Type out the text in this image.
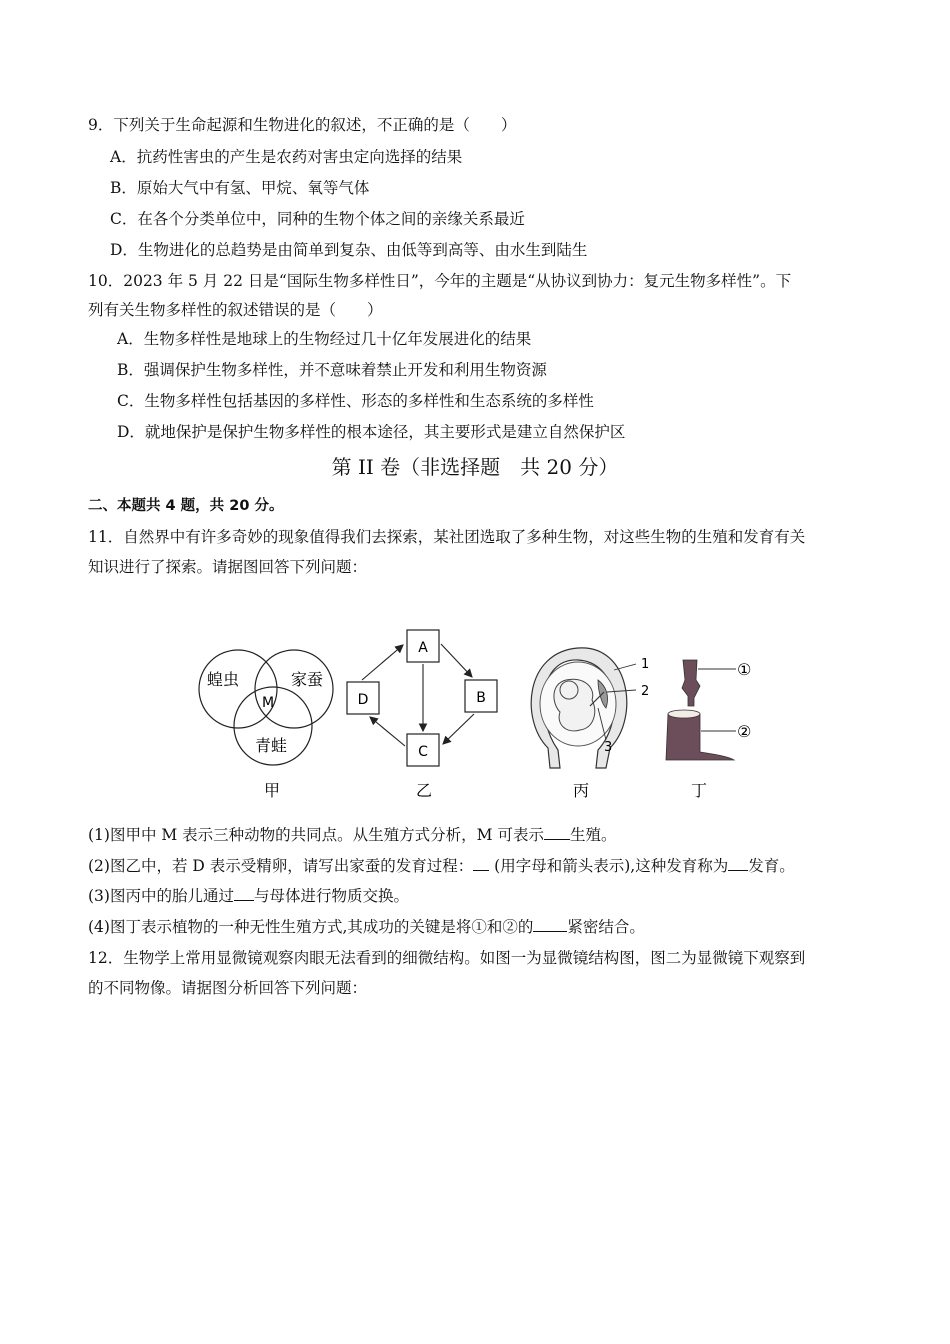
9．下列关于生命起源和生物进化的叙述，不正确的是（　　）
A．抗药性害虫的产生是农药对害虫定向选择的结果
B．原始大气中有氢、甲烷、氧等气体
C．在各个分类单位中，同种的生物个体之间的亲缘关系最近
D．生物进化的总趋势是由简单到复杂、由低等到高等、由水生到陆生
10．2023 年 5 月 22 日是“国际生物多样性日”，今年的主题是“从协议到协力：复元生物多样性”。下
列有关生物多样性的叙述错误的是（　　）
A．生物多样性是地球上的生物经过几十亿年发展进化的结果
B．强调保护生物多样性，并不意味着禁止开发和利用生物资源
C．生物多样性包括基因的多样性、形态的多样性和生态系统的多样性
D．就地保护是保护生物多样性的根本途径，其主要形式是建立自然保护区
第 II 卷（非选择题　共 20 分）
二、本题共 4 题，共 20 分。
11．自然界中有许多奇妙的现象值得我们去探索，某社团选取了多种生物，对这些生物的生殖和发育有关
知识进行了探索。请据图回答下列问题：
蝗虫	家蚕
M
青蛙
甲
A
B
C
D
乙
1
2
3
丙
①
②
丁
(1)图甲中 M 表示三种动物的共同点。从生殖方式分析，M 可表示 生殖。
(2)图乙中，若 D 表示受精卵，请写出家蚕的发育过程： (用字母和箭头表示),这种发育称为 发育。
(3)图丙中的胎儿通过 与母体进行物质交换。
(4)图丁表示植物的一种无性生殖方式,其成功的关键是将①和②的 紧密结合。
12．生物学上常用显微镜观察肉眼无法看到的细微结构。如图一为显微镜结构图，图二为显微镜下观察到
的不同物像。请据图分析回答下列问题：
